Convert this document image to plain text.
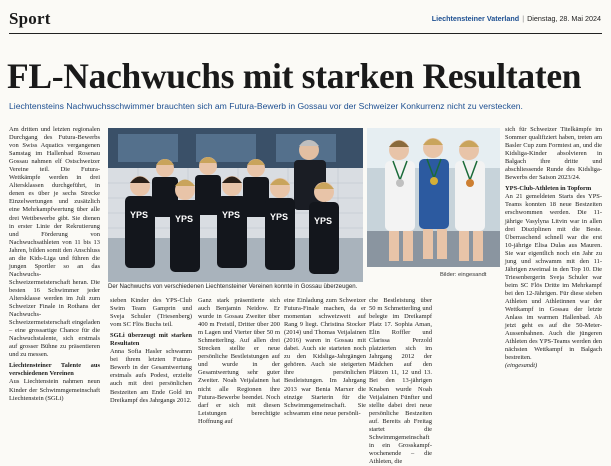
Sport	Liechtensteiner Vaterland | Dienstag, 28. Mai 2024
FL-Nachwuchs mit starken Resultaten
Liechtensteins Nachwuchsschwimmer brauchten sich am Futura-Bewerb in Gossau vor der Schweizer Konkurrenz nicht zu verstecken.

Am dritten und letzten regionalen Durchgang des Futura-Bewerbs von Swiss Aquatics vergangenen Samstag im Hallenbad Rosenau Gossau nahmen elf Ostschweizer Vereine teil. Die Futura-Wettkämpfe werden in drei Altersklassen durchgeführt, in denen es über je sechs Strecke Einzelwertungen und zusätzlich eine Mehrkampfwertung über alle drei Wettbewerbe gibt. Sie dienen in erster Linie der Rekrutierung und Förderung von Nachwuchsathleten von 11 bis 13 Jahren, bilden somit den Anschluss an die Kids-Liga und führen die jungen Sportler so an das Nachwuchs-Schweizermeisterschaft heran. Die besten 16 Schwimmer jeder Altersklasse werden im Juli zum Schweizer Finale in Rothans der Nachwuchs-Schweizermeisterschaft eingeladen – eine grossartige Chance für die Nachwuchstalente, sich erstmals auf grosser Bühne zu präsentieren und zu messen.

Liechtensteiner Talente aus verschiedenen Vereinen

Aus Liechtenstein nahmen neun Kinder der Schwimmgemeinschaft Liechtenstein (SGLi)

YPS	YPS	YPS	YPS	YPS
Der Nachwuchs von verschiedenen Liechtensteiner Vereinen konnte in Gossau überzeugen.
Bilder: eingesandt

sieben Kinder des YPS-Club Swim Team Gamprin und Sveja Schuler (Triesenberg) vom SC Flös Buchs teil.

SGLi überzeugt mit starken Resultaten

Anna Sofia Hasler schwamm bei ihrem letzten Futura-Bewerb in der Gesamtwertung erstmals aufs Podest, erzielte auch mit drei persönlichen Bestzeiten am Ende Gold im Dreikampf des Jahrgangs 2012.

Ganz stark präsentierte sich auch Benjamin Neidow. Er wurde in Gossau Zweiter über 400 m Freistil, Dritter über 200 m Lagen und Vierter über 50 m Schmetterling. Auf allen drei Strecken stellte er neue persönliche Bestleistungen auf und wurde in der Gesamtwertung sehr guter Zweiter. Noah Veijalainen hat nicht alle Regionen ihre Futura-Bewerbe beendet. Noch darf er sich mit diesen Leistungen berechtigte Hoffnung auf

eine Einladung zum Schweizer Futura-Finale machen, da er momentan schweizweit auf Rang 9 liegt. Christina Stocker (2014) und Thomas Veijalainen (2016) waren in Gossau mit dabei. Auch sie starteten noch zu den Kidsliga-Jahrgängen gehören. Auch sie steigerten ihre persönlichen Bestleistungen. Im Jahrgang 2013 war Benia Marxer die einzige Starterin für die Schwimmgemeinschaft. Sie schwamm eine neue persönli-

che Bestleistung über 50 m Schmetterling und belegte im Dreikampf Platz 17. Sophia Aman, Elin Roffler und Clarissa Perzold platzierten sich im Jahrgang 2012 der Mädchen auf den Plätzen 11, 12 und 13. Bei den 13-jährigen Knaben wurde Noah Veijalainen Fünfter und stellte dabei drei neue persönliche Bestzeiten auf. Bereits ab Freitag startet die Schwimmgemeinschaft in ein Grosskampf-wochenende – die Athleten, die

sich für Schweizer Titelkämpfe im Sommer qualifiziert haben, treten am Basler Cup zum Formtest an, und die Kidsliga-Kinder absolvieren in Balgach ihre dritte und abschliessende Runde des Kidsliga-Bewerbs der Saison 2023/24.

YPS-Club-Athleten in Topform

An 21 gemeldeten Starts des YPS-Teams konnten 18 neue Bestzeiten erschwommen werden. Die 11-jährige Vasylyna Litvin war in allen drei Disziplinen mit die Beste. Überraschend schnell war die erst 10-jährige Elisa Dulas aus Mauren. Sie war eigentlich noch ein Jahr zu jung und schwamm mit den 11-Jährigen zweimal in den Top 10. Die Triesenbergerin Sveja Schuler war beim SC Flös Dritte im Mehrkampf bei den 12-Jährigen. Für diese sieben Athleten und Athletinnen war der Wettkampf in Gossau der letzte Anlass im warmen Hallenbad. Ab jetzt geht es auf die 50-Meter-Aussenbahnen. Auch die jüngeren Athleten des YPS-Teams werden den nächsten Wettkampf in Balgach bestreiten.

(eingesandt)
